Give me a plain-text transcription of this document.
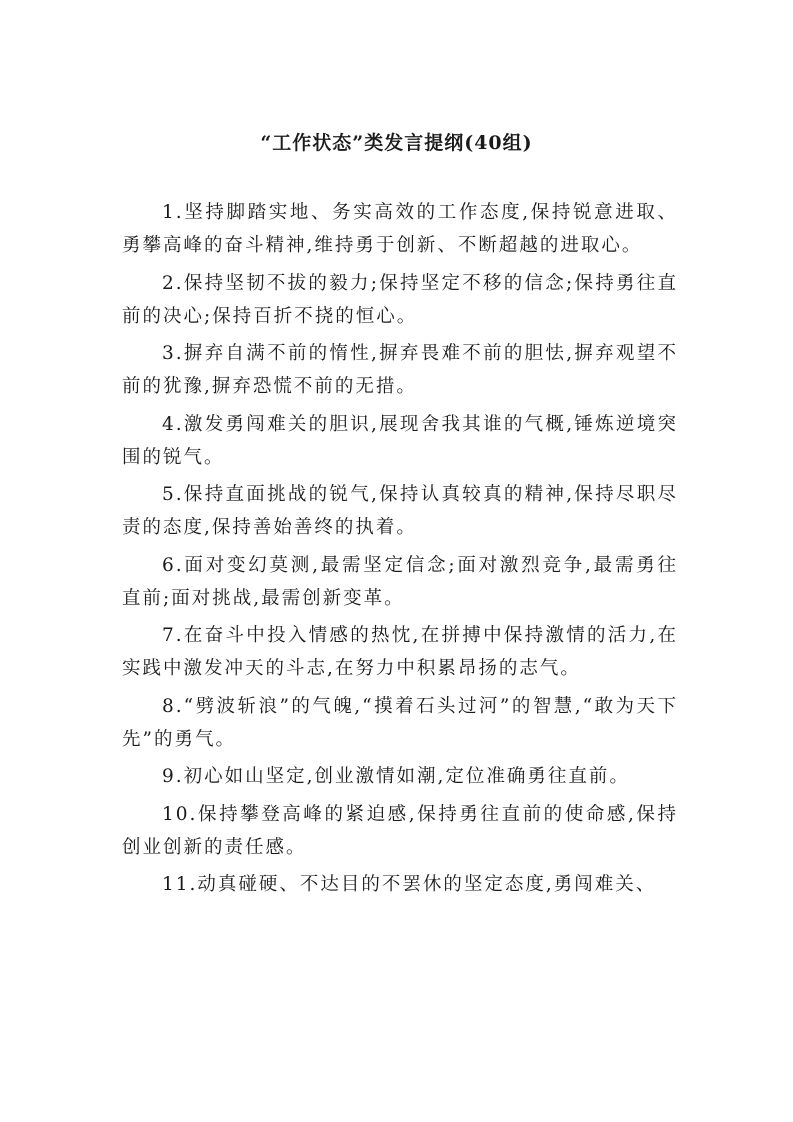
“工作状态”类发言提纲(40组)

1.坚持脚踏实地、务实高效的工作态度,保持锐意进取、勇攀高峰的奋斗精神,维持勇于创新、不断超越的进取心。

2.保持坚韧不拔的毅力;保持坚定不移的信念;保持勇往直前的决心;保持百折不挠的恒心。

3.摒弃自满不前的惰性,摒弃畏难不前的胆怯,摒弃观望不前的犹豫,摒弃恐慌不前的无措。

4.激发勇闯难关的胆识,展现舍我其谁的气概,锤炼逆境突围的锐气。

5.保持直面挑战的锐气,保持认真较真的精神,保持尽职尽责的态度,保持善始善终的执着。

6.面对变幻莫测,最需坚定信念;面对激烈竞争,最需勇往直前;面对挑战,最需创新变革。

7.在奋斗中投入情感的热忱,在拼搏中保持激情的活力,在实践中激发冲天的斗志,在努力中积累昂扬的志气。

8.“劈波斩浪”的气魄,“摸着石头过河”的智慧,“敢为天下先”的勇气。

9.初心如山坚定,创业激情如潮,定位准确勇往直前。

10.保持攀登高峰的紧迫感,保持勇往直前的使命感,保持创业创新的责任感。

11.动真碰硬、不达目的不罢休的坚定态度,勇闯难关、
